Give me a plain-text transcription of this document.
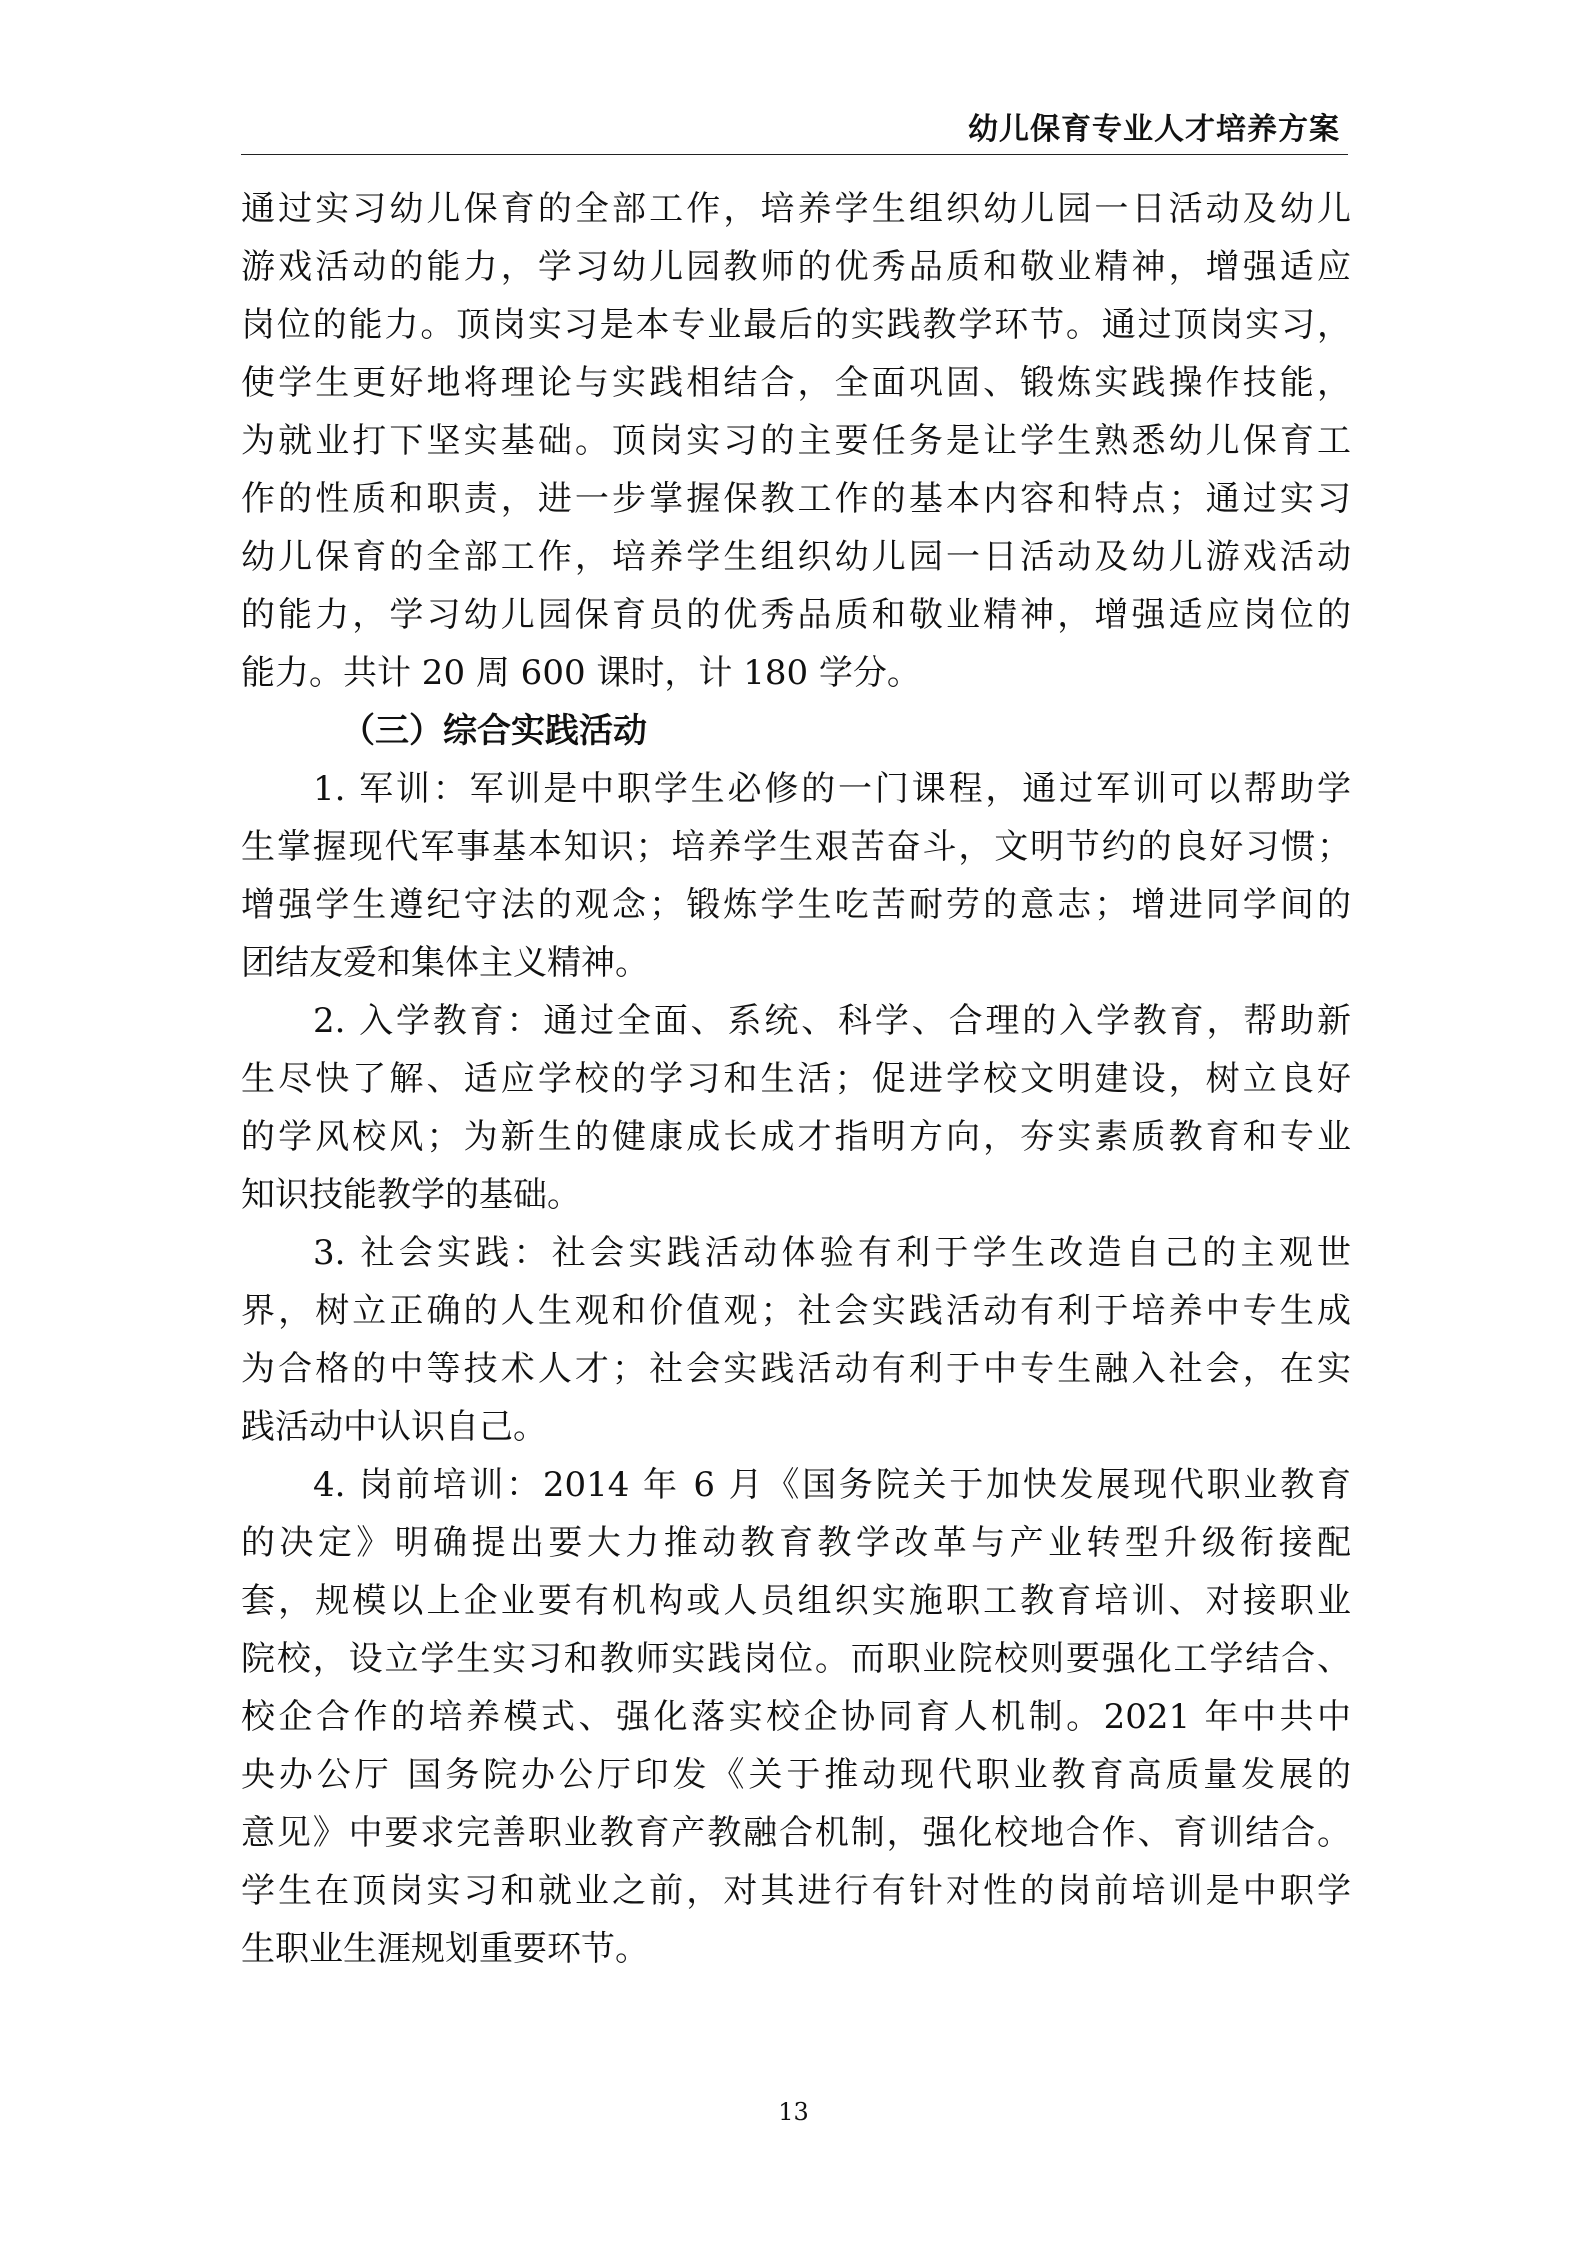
幼儿保育专业人才培养方案
通过实习幼儿保育的全部工作，培养学生组织幼儿园一日活动及幼儿
游戏活动的能力，学习幼儿园教师的优秀品质和敬业精神，增强适应
岗位的能力。顶岗实习是本专业最后的实践教学环节。通过顶岗实习，
使学生更好地将理论与实践相结合，全面巩固、锻炼实践操作技能，
为就业打下坚实基础。顶岗实习的主要任务是让学生熟悉幼儿保育工
作的性质和职责，进一步掌握保教工作的基本内容和特点；通过实习
幼儿保育的全部工作，培养学生组织幼儿园一日活动及幼儿游戏活动
的能力，学习幼儿园保育员的优秀品质和敬业精神，增强适应岗位的
能力。共计 20 周 600 课时，计 180 学分。
（三）综合实践活动
1. 军训：军训是中职学生必修的一门课程，通过军训可以帮助学
生掌握现代军事基本知识；培养学生艰苦奋斗，文明节约的良好习惯；
增强学生遵纪守法的观念；锻炼学生吃苦耐劳的意志；增进同学间的
团结友爱和集体主义精神。
2. 入学教育：通过全面、系统、科学、合理的入学教育，帮助新
生尽快了解、适应学校的学习和生活；促进学校文明建设，树立良好
的学风校风；为新生的健康成长成才指明方向，夯实素质教育和专业
知识技能教学的基础。
3. 社会实践：社会实践活动体验有利于学生改造自己的主观世
界，树立正确的人生观和价值观；社会实践活动有利于培养中专生成
为合格的中等技术人才；社会实践活动有利于中专生融入社会，在实
践活动中认识自己。
4. 岗前培训：2014 年 6 月《国务院关于加快发展现代职业教育
的决定》明确提出要大力推动教育教学改革与产业转型升级衔接配
套，规模以上企业要有机构或人员组织实施职工教育培训、对接职业
院校，设立学生实习和教师实践岗位。而职业院校则要强化工学结合、
校企合作的培养模式、强化落实校企协同育人机制。2021 年中共中
央办公厅 国务院办公厅印发《关于推动现代职业教育高质量发展的
意见》中要求完善职业教育产教融合机制，强化校地合作、育训结合。
学生在顶岗实习和就业之前，对其进行有针对性的岗前培训是中职学
生职业生涯规划重要环节。
13
